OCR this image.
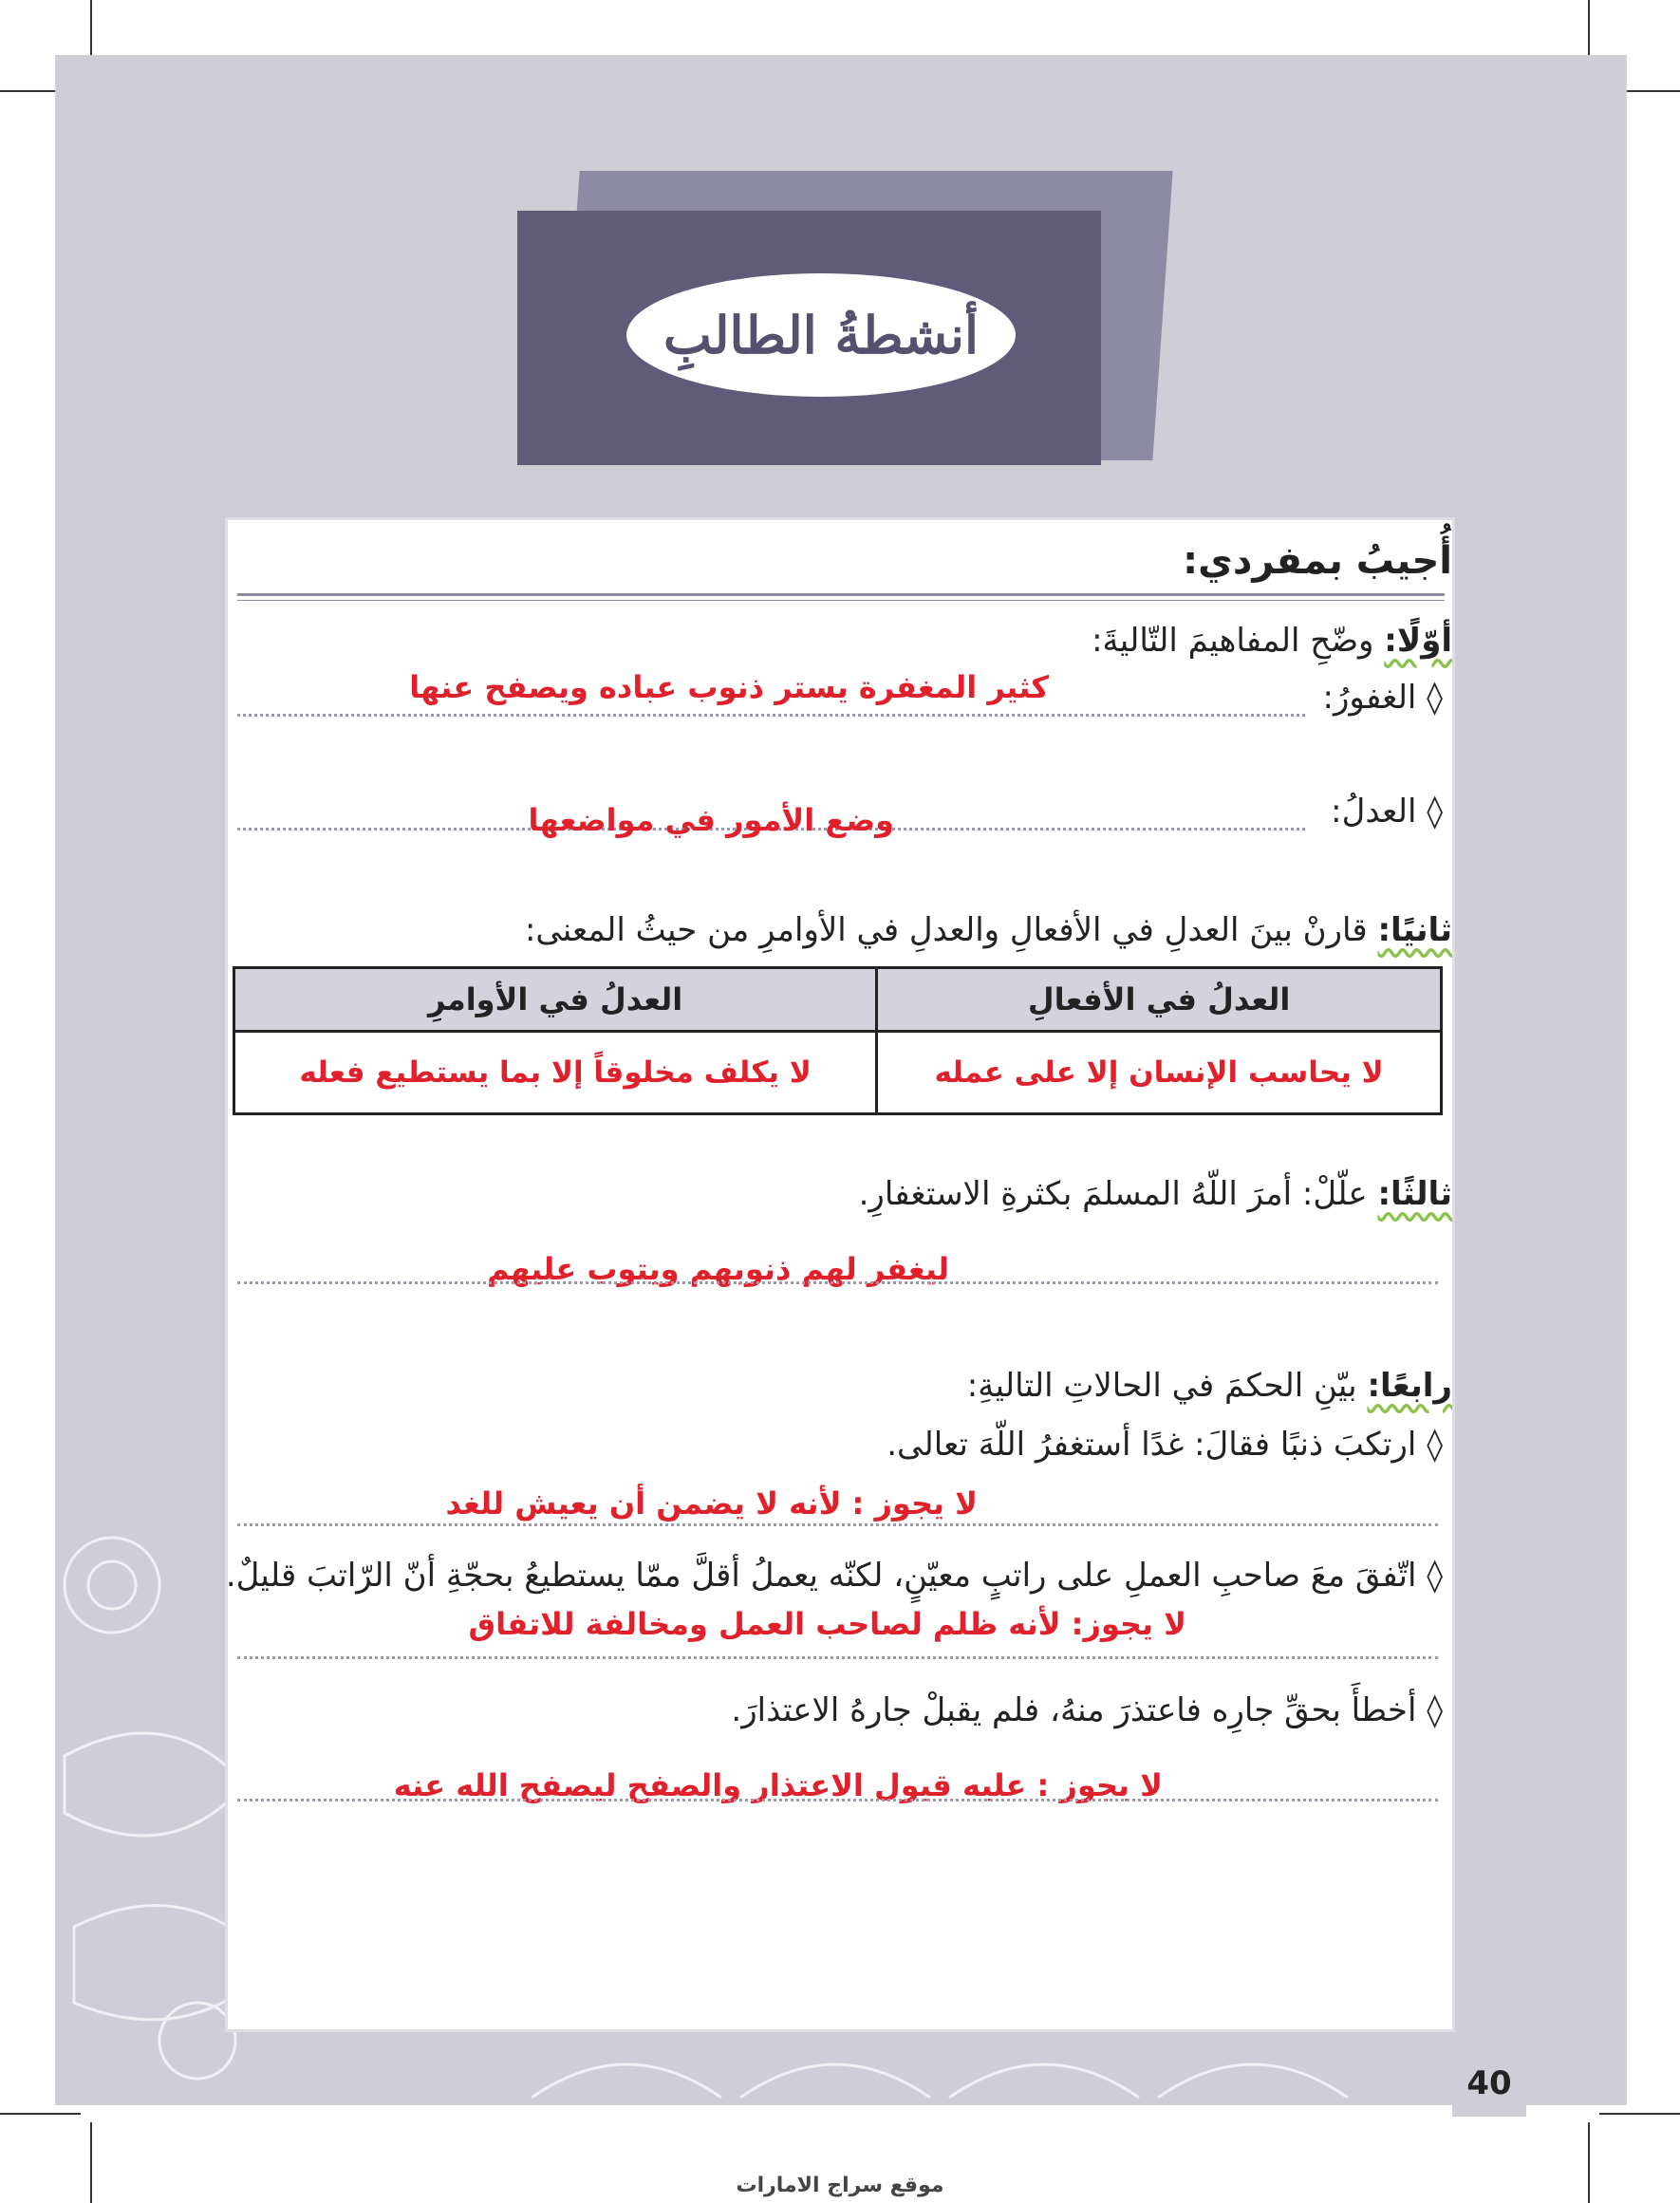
أنشطةُ الطالبِ
أُجيبُ بمفردي:
أوّلًا: وضّحِ المفاهيمَ التّاليةَ:
◊ الغفورُ:
كثير المغفرة يستر ذنوب عباده ويصفح عنها
◊ العدلُ:
وضع الأمور في مواضعها
ثانيًا: قارنْ بينَ العدلِ في الأفعالِ والعدلِ في الأوامرِ من حيثُ المعنى:
العدلُ في الأفعالِ	العدلُ في الأوامرِ
لا يحاسب الإنسان إلا على عمله	لا يكلف مخلوقاً إلا بما يستطيع فعله
ثالثًا: علّلْ: أمرَ اللّهُ المسلمَ بكثرةِ الاستغفارِ.
ليغفر لهم ذنوبهم ويتوب عليهم
رابعًا: بيّنِ الحكمَ في الحالاتِ التاليةِ:
◊ ارتكبَ ذنبًا فقالَ: غدًا أستغفرُ اللّهَ تعالى.
لا يجوز : لأنه لا يضمن أن يعيش للغد
◊ اتّفقَ معَ صاحبِ العملِ على راتبٍ معيّنٍ، لكنّه يعملُ أقلَّ ممّا يستطيعُ بحجّةِ أنّ الرّاتبَ قليلٌ.
لا يجوز: لأنه ظلم لصاحب العمل ومخالفة للاتفاق
◊ أخطأَ بحقِّ جارِه فاعتذرَ منهُ، فلم يقبلْ جارهُ الاعتذارَ.
لا يجوز : عليه قبول الاعتذار والصفح ليصفح الله عنه
40
موقع سراج الامارات
